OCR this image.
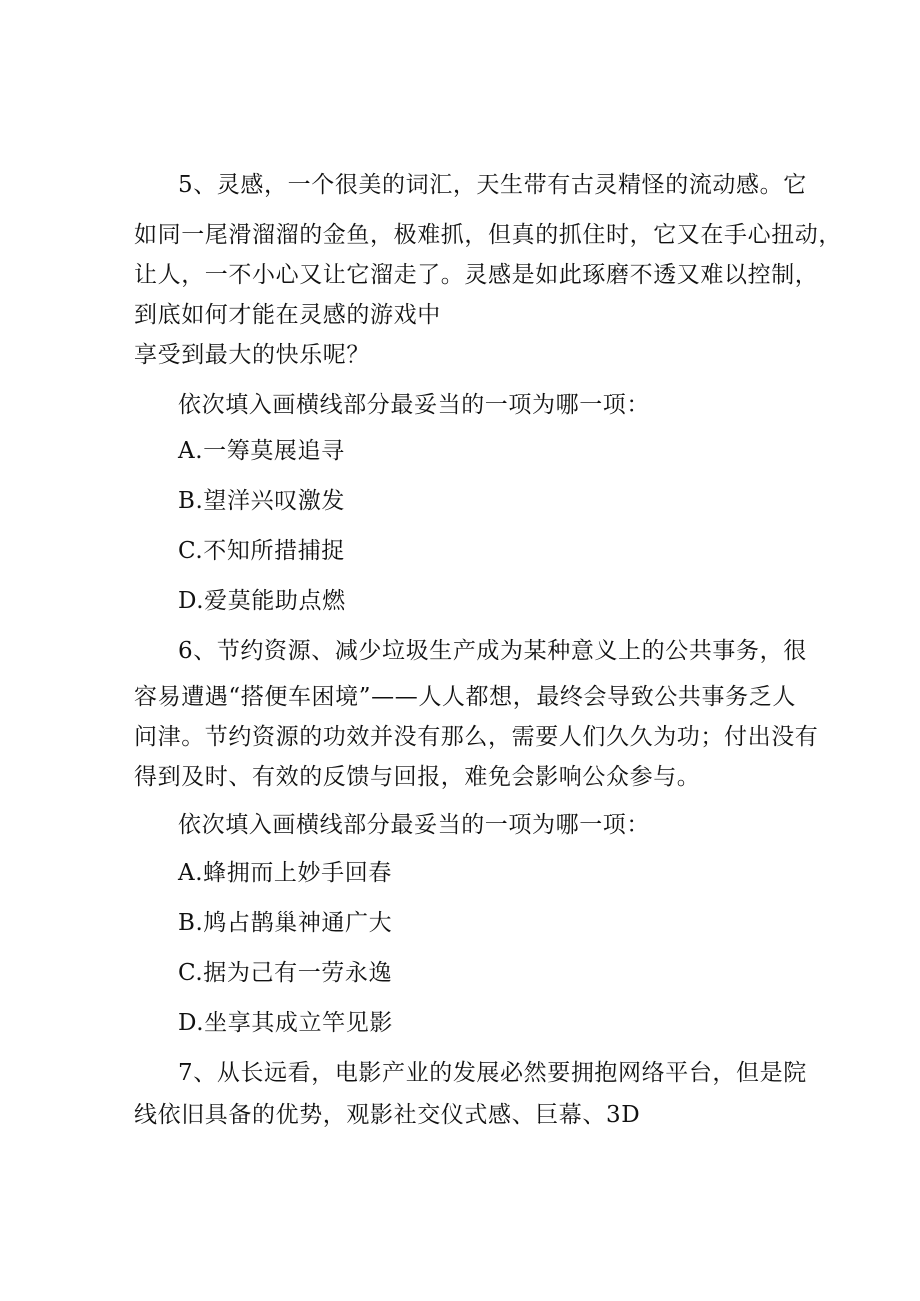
5、灵感，一个很美的词汇，天生带有古灵精怪的流动感。它
如同一尾滑溜溜的金鱼，极难抓，但真的抓住时，它又在手心扭动，
让人，一不小心又让它溜走了。灵感是如此琢磨不透又难以控制，
到底如何才能在灵感的游戏中
享受到最大的快乐呢？
依次填入画横线部分最妥当的一项为哪一项：
A.一筹莫展追寻
B.望洋兴叹激发
C.不知所措捕捉
D.爱莫能助点燃
6、节约资源、减少垃圾生产成为某种意义上的公共事务，很
容易遭遇“搭便车困境”——人人都想，最终会导致公共事务乏人
问津。节约资源的功效并没有那么，需要人们久久为功；付出没有
得到及时、有效的反馈与回报，难免会影响公众参与。
依次填入画横线部分最妥当的一项为哪一项：
A.蜂拥而上妙手回春
B.鸠占鹊巢神通广大
C.据为己有一劳永逸
D.坐享其成立竿见影
7、从长远看，电影产业的发展必然要拥抱网络平台，但是院
线依旧具备的优势，观影社交仪式感、巨幕、3D
